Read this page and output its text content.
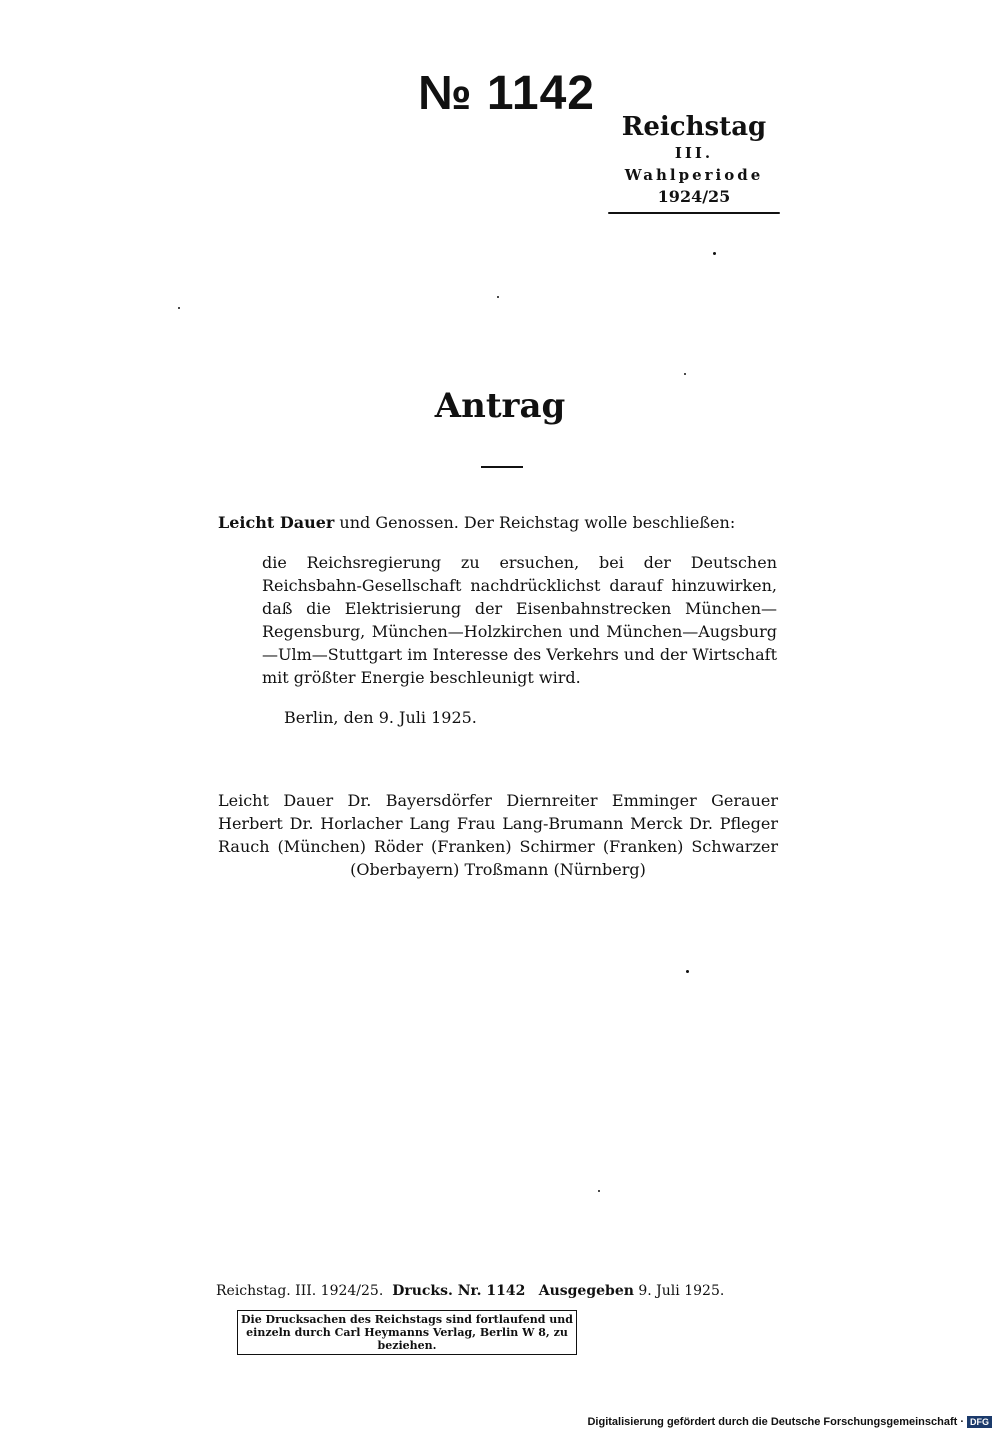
№ 1142
Reichstag
III. Wahlperiode
1924/25
Antrag
Leicht Dauer und Genossen. Der Reichstag wolle beschließen:
die Reichsregierung zu ersuchen, bei der Deutschen Reichsbahn-Gesellschaft nachdrücklichst darauf hinzuwirken, daß die Elektrisierung der Eisenbahnstrecken München—Regensburg, München—Holzkirchen und München—Augsburg—Ulm—Stuttgart im Interesse des Verkehrs und der Wirtschaft mit größter Energie beschleunigt wird.
Berlin, den 9. Juli 1925.
Leicht Dauer Dr. Bayersdörfer Diernreiter Emminger Gerauer Herbert Dr. Horlacher Lang Frau Lang-Brumann Merck Dr. Pfleger Rauch (München) Röder (Franken) Schirmer (Franken) Schwarzer (Oberbayern) Troßmann (Nürnberg)
Reichstag. III. 1924/25. Drucks. Nr. 1142 Ausgegeben 9. Juli 1925.
Die Drucksachen des Reichstags sind fortlaufend und einzeln durch Carl Heymanns Verlag, Berlin W 8, zu beziehen.
Digitalisierung gefördert durch die Deutsche Forschungsgemeinschaft · DFG
